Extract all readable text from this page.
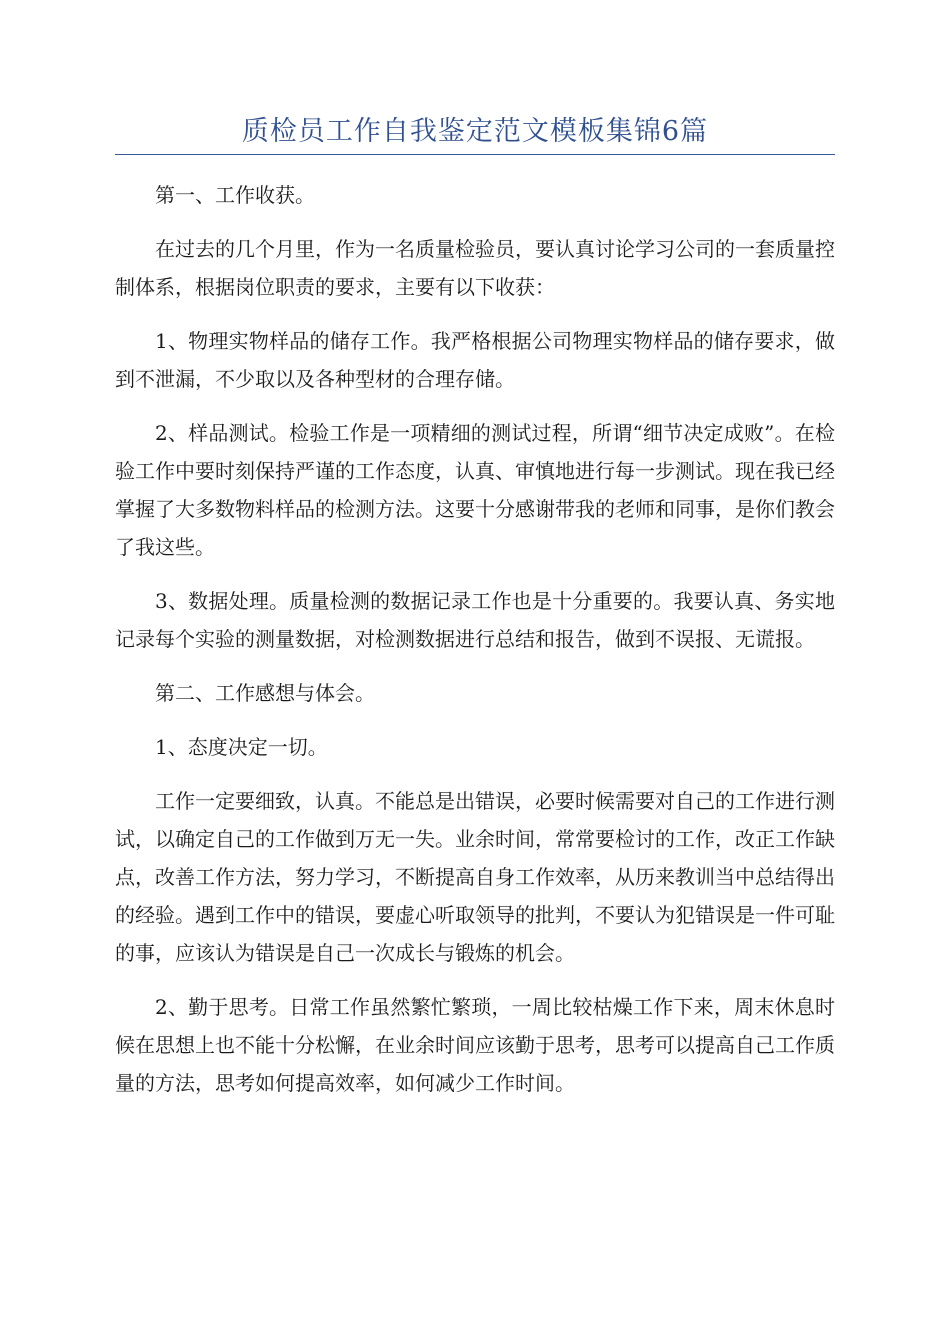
质检员工作自我鉴定范文模板集锦6篇

第一、工作收获。

在过去的几个月里，作为一名质量检验员，要认真讨论学习公司的一套质量控制体系，根据岗位职责的要求，主要有以下收获：

1、物理实物样品的储存工作。我严格根据公司物理实物样品的储存要求，做到不泄漏，不少取以及各种型材的合理存储。

2、样品测试。检验工作是一项精细的测试过程，所谓“细节决定成败”。在检验工作中要时刻保持严谨的工作态度，认真、审慎地进行每一步测试。现在我已经掌握了大多数物料样品的检测方法。这要十分感谢带我的老师和同事，是你们教会了我这些。

3、数据处理。质量检测的数据记录工作也是十分重要的。我要认真、务实地记录每个实验的测量数据，对检测数据进行总结和报告，做到不误报、无谎报。

第二、工作感想与体会。

1、态度决定一切。

工作一定要细致，认真。不能总是出错误，必要时候需要对自己的工作进行测试，以确定自己的工作做到万无一失。业余时间，常常要检讨的工作，改正工作缺点，改善工作方法，努力学习，不断提高自身工作效率，从历来教训当中总结得出的经验。遇到工作中的错误，要虚心听取领导的批判，不要认为犯错误是一件可耻的事，应该认为错误是自己一次成长与锻炼的机会。

2、勤于思考。日常工作虽然繁忙繁琐，一周比较枯燥工作下来，周末休息时候在思想上也不能十分松懈，在业余时间应该勤于思考，思考可以提高自己工作质量的方法，思考如何提高效率，如何减少工作时间。
